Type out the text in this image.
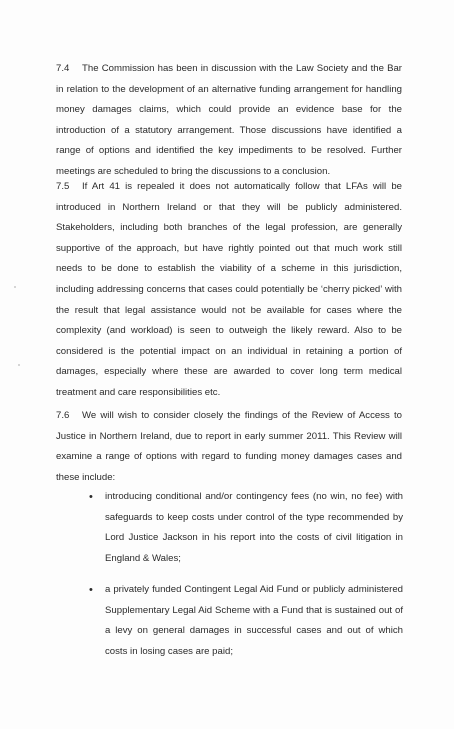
7.4 The Commission has been in discussion with the Law Society and the Bar in relation to the development of an alternative funding arrangement for handling money damages claims, which could provide an evidence base for the introduction of a statutory arrangement. Those discussions have identified a range of options and identified the key impediments to be resolved. Further meetings are scheduled to bring the discussions to a conclusion.

7.5 If Art 41 is repealed it does not automatically follow that LFAs will be introduced in Northern Ireland or that they will be publicly administered. Stakeholders, including both branches of the legal profession, are generally supportive of the approach, but have rightly pointed out that much work still needs to be done to establish the viability of a scheme in this jurisdiction, including addressing concerns that cases could potentially be ‘cherry picked’ with the result that legal assistance would not be available for cases where the complexity (and workload) is seen to outweigh the likely reward. Also to be considered is the potential impact on an individual in retaining a portion of damages, especially where these are awarded to cover long term medical treatment and care responsibilities etc.

7.6 We will wish to consider closely the findings of the Review of Access to Justice in Northern Ireland, due to report in early summer 2011. This Review will examine a range of options with regard to funding money damages cases and these include:

• introducing conditional and/or contingency fees (no win, no fee) with safeguards to keep costs under control of the type recommended by Lord Justice Jackson in his report into the costs of civil litigation in England & Wales;
• a privately funded Contingent Legal Aid Fund or publicly administered Supplementary Legal Aid Scheme with a Fund that is sustained out of a levy on general damages in successful cases and out of which costs in losing cases are paid;
